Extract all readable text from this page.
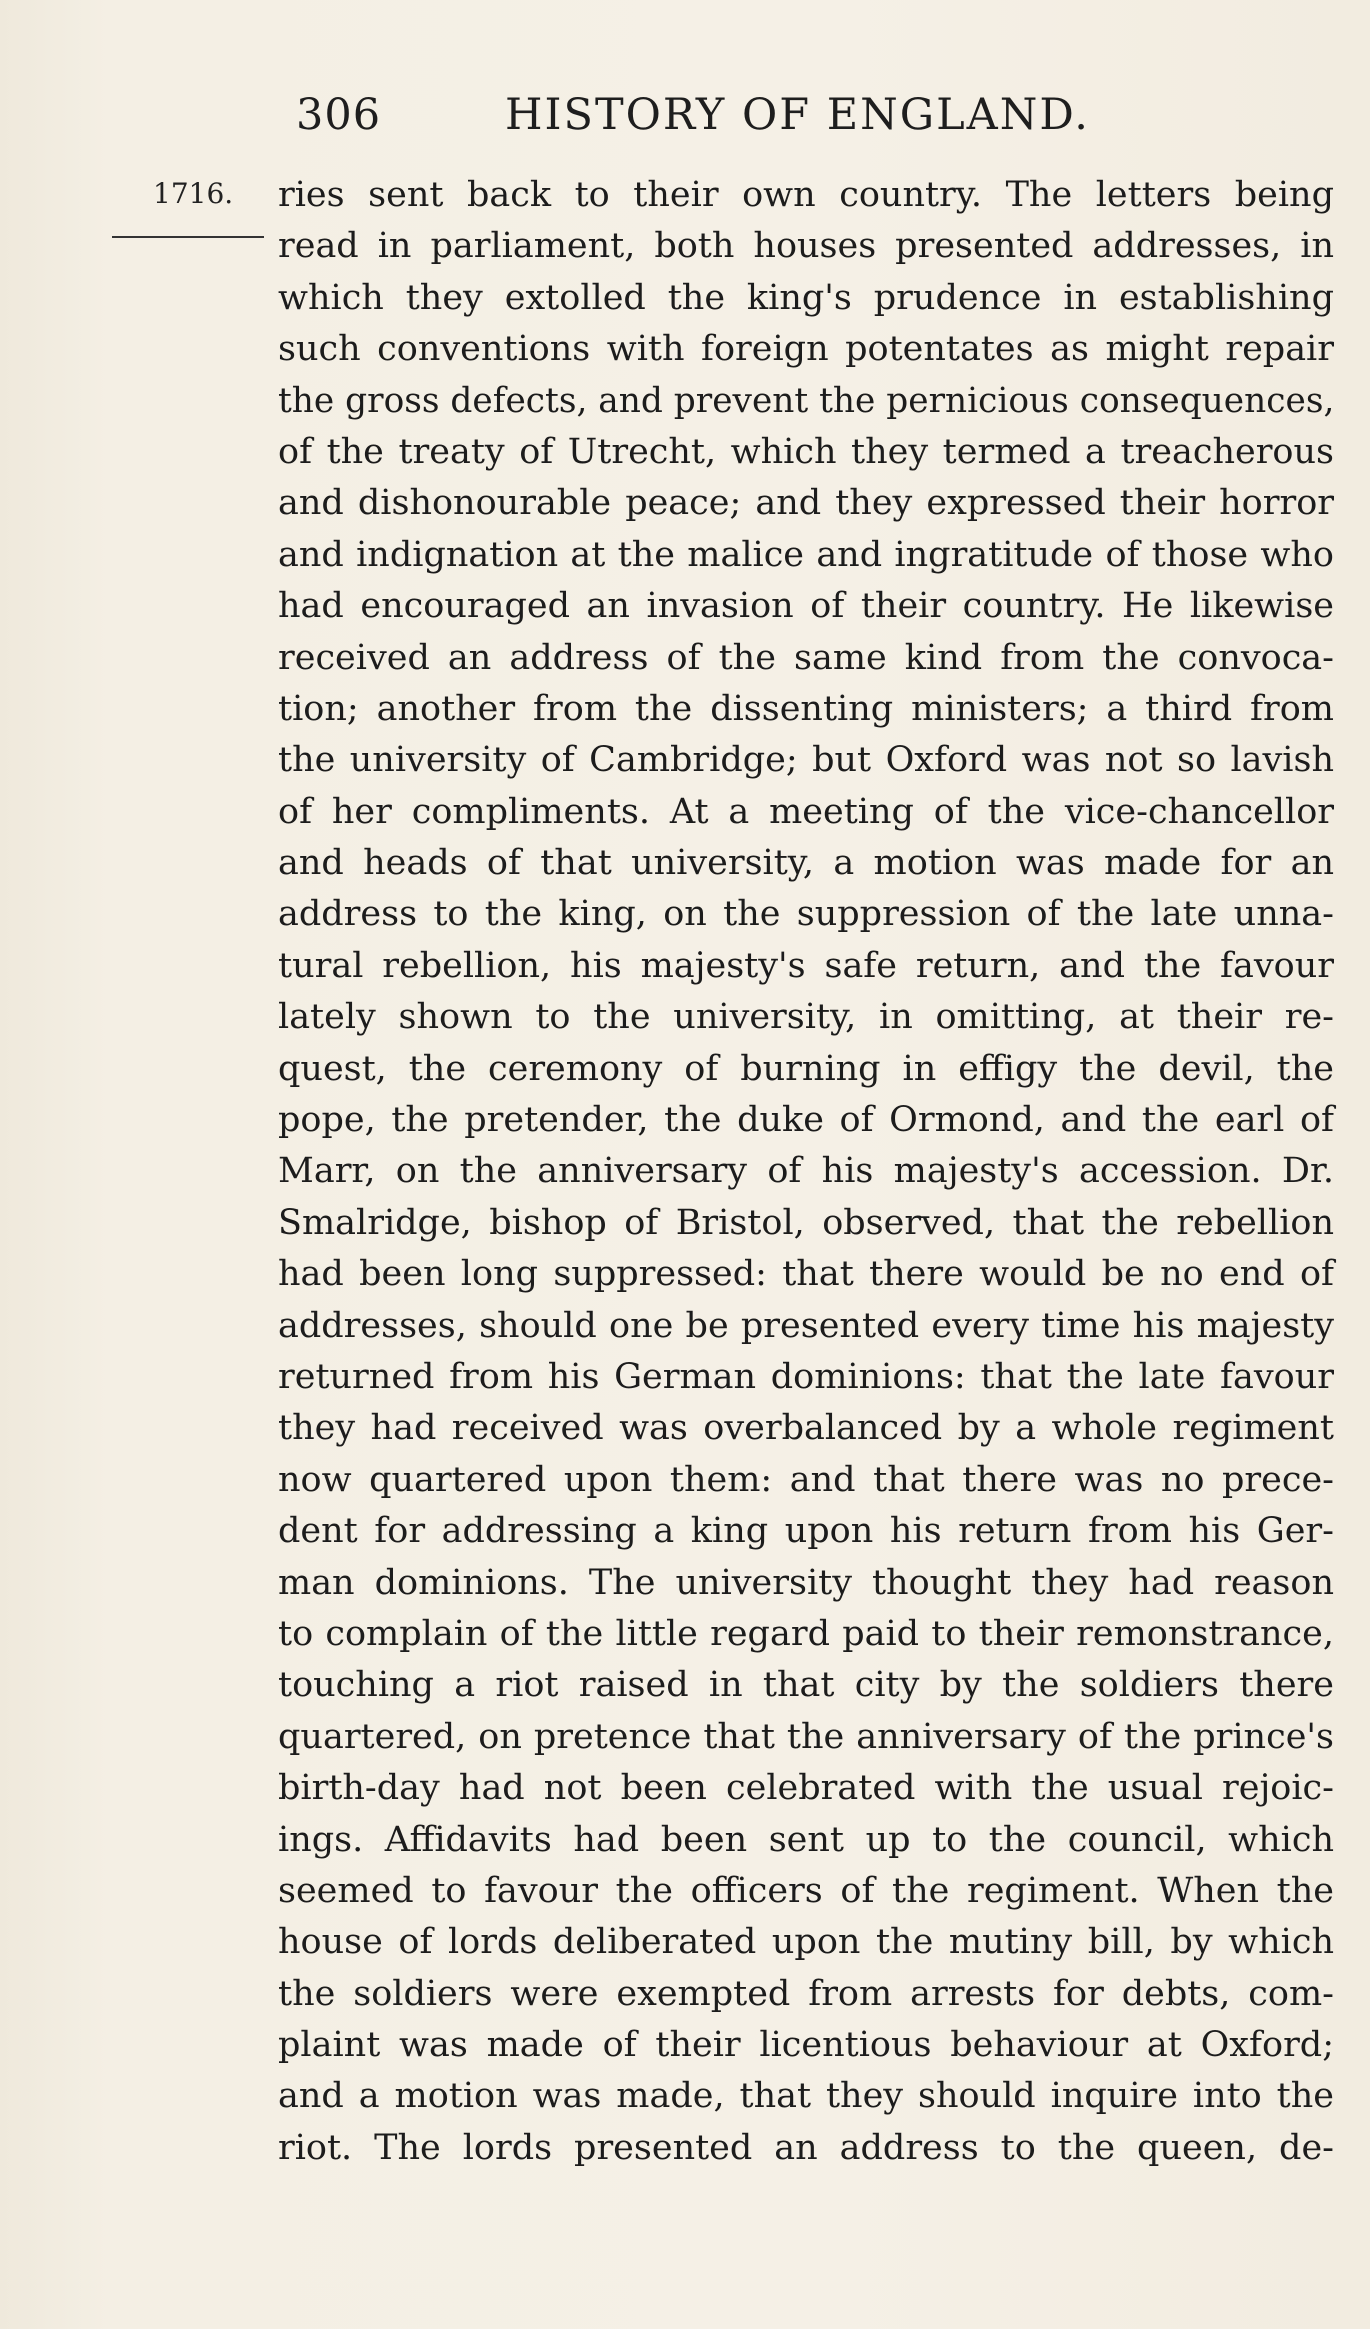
306	HISTORY OF ENGLAND.
1716. ries sent back to their own country. The letters being
read in parliament, both houses presented addresses, in
which they extolled the king's prudence in establishing
such conventions with foreign potentates as might repair
the gross defects, and prevent the pernicious consequences,
of the treaty of Utrecht, which they termed a treacherous
and dishonourable peace; and they expressed their horror
and indignation at the malice and ingratitude of those who
had encouraged an invasion of their country. He likewise
received an address of the same kind from the convoca-
tion; another from the dissenting ministers; a third from
the university of Cambridge; but Oxford was not so lavish
of her compliments. At a meeting of the vice-chancellor
and heads of that university, a motion was made for an
address to the king, on the suppression of the late unna-
tural rebellion, his majesty's safe return, and the favour
lately shown to the university, in omitting, at their re-
quest, the ceremony of burning in effigy the devil, the
pope, the pretender, the duke of Ormond, and the earl of
Marr, on the anniversary of his majesty's accession. Dr.
Smalridge, bishop of Bristol, observed, that the rebellion
had been long suppressed: that there would be no end of
addresses, should one be presented every time his majesty
returned from his German dominions: that the late favour
they had received was overbalanced by a whole regiment
now quartered upon them: and that there was no prece-
dent for addressing a king upon his return from his Ger-
man dominions. The university thought they had reason
to complain of the little regard paid to their remonstrance,
touching a riot raised in that city by the soldiers there
quartered, on pretence that the anniversary of the prince's
birth-day had not been celebrated with the usual rejoic-
ings. Affidavits had been sent up to the council, which
seemed to favour the officers of the regiment. When the
house of lords deliberated upon the mutiny bill, by which
the soldiers were exempted from arrests for debts, com-
plaint was made of their licentious behaviour at Oxford;
and a motion was made, that they should inquire into the
riot. The lords presented an address to the queen, de-
